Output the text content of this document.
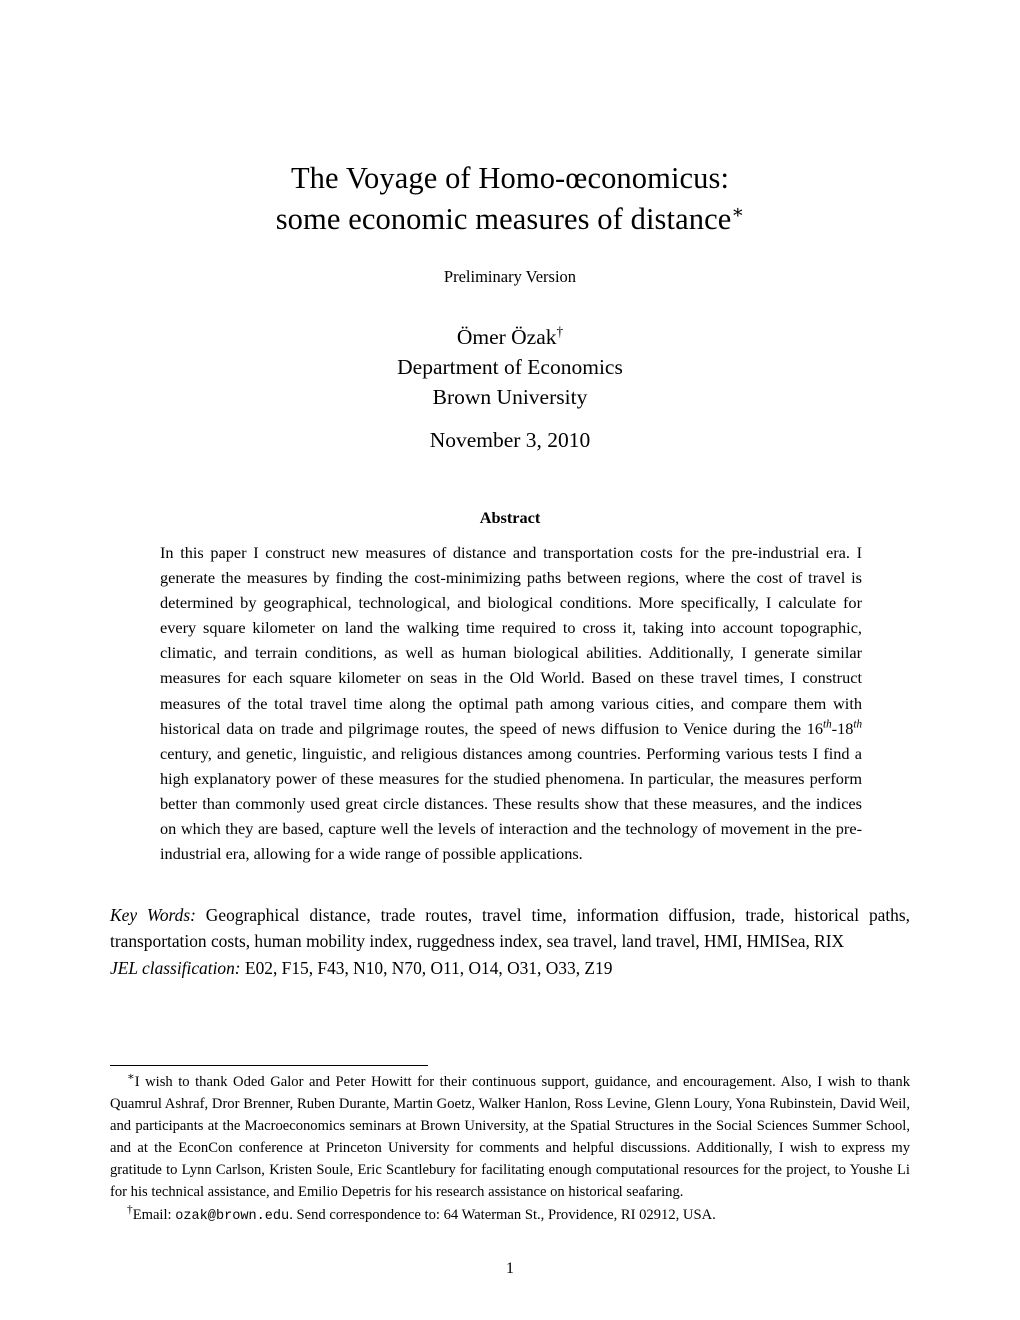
The Voyage of Homo-œconomicus:
some economic measures of distance∗
Preliminary Version
Ömer Özak†
Department of Economics
Brown University
November 3, 2010
Abstract
In this paper I construct new measures of distance and transportation costs for the pre-industrial era. I generate the measures by finding the cost-minimizing paths between regions, where the cost of travel is determined by geographical, technological, and biological conditions. More specifically, I calculate for every square kilometer on land the walking time required to cross it, taking into account topographic, climatic, and terrain conditions, as well as human biological abilities. Additionally, I generate similar measures for each square kilometer on seas in the Old World. Based on these travel times, I construct measures of the total travel time along the optimal path among various cities, and compare them with historical data on trade and pilgrimage routes, the speed of news diffusion to Venice during the 16th-18th century, and genetic, linguistic, and religious distances among countries. Performing various tests I find a high explanatory power of these measures for the studied phenomena. In particular, the measures perform better than commonly used great circle distances. These results show that these measures, and the indices on which they are based, capture well the levels of interaction and the technology of movement in the pre-industrial era, allowing for a wide range of possible applications.
Key Words: Geographical distance, trade routes, travel time, information diffusion, trade, historical paths, transportation costs, human mobility index, ruggedness index, sea travel, land travel, HMI, HMISea, RIX
JEL classification: E02, F15, F43, N10, N70, O11, O14, O31, O33, Z19
∗I wish to thank Oded Galor and Peter Howitt for their continuous support, guidance, and encouragement. Also, I wish to thank Quamrul Ashraf, Dror Brenner, Ruben Durante, Martin Goetz, Walker Hanlon, Ross Levine, Glenn Loury, Yona Rubinstein, David Weil, and participants at the Macroeconomics seminars at Brown University, at the Spatial Structures in the Social Sciences Summer School, and at the EconCon conference at Princeton University for comments and helpful discussions. Additionally, I wish to express my gratitude to Lynn Carlson, Kristen Soule, Eric Scantlebury for facilitating enough computational resources for the project, to Youshe Li for his technical assistance, and Emilio Depetris for his research assistance on historical seafaring.
†Email: ozak@brown.edu. Send correspondence to: 64 Waterman St., Providence, RI 02912, USA.
1
